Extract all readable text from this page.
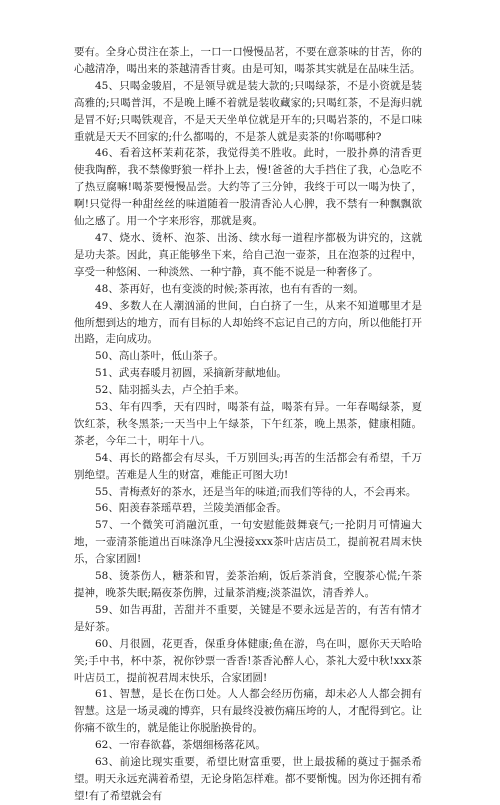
要有。全身心贯注在茶上，一口一口慢慢品茗，不要在意茶味的甘苦，你的心越清净，喝出来的茶越清香甘爽。由是可知，喝茶其实就是在品味生活。

45、只喝金骏眉，不是领导就是装大款的;只喝绿茶，不是小资就是装高雅的;只喝普洱，不是晚上睡不着就是装收藏家的;只喝红茶，不是海归就是冒不好;只喝铁观音，不是天天坐单位就是开车的;只喝岩茶的，不是口味重就是天天不回家的;什么都喝的，不是茶人就是卖茶的!你喝哪种?

46、看着这杯茉莉花茶，我觉得美不胜收。此时，一股扑鼻的清香更使我陶醉，我不禁像野狼一样扑上去，慢!爸爸的大手挡住了我，心急吃不了热豆腐嘛!喝茶要慢慢品尝。大约等了三分钟，我终于可以一喝为快了，啊!只觉得一种甜丝丝的味道随着一股清香沁人心脾，我不禁有一种飘飘欲仙之感了。用一个字来形容，那就是爽。

47、烧水、烫杯、泡茶、出汤、续水每一道程序都极为讲究的，这就是功夫茶。因此，真正能够坐下来，给自己泡一壶茶，且在泡茶的过程中，享受一种悠闲、一种淡然、一种宁静，真不能不说是一种奢侈了。

48、茶再好，也有变淡的时候;茶再浓，也有有香的一刻。

49、多数人在人潮汹涌的世间，白白挤了一生，从来不知道哪里才是他所想到达的地方，而有目标的人却始终不忘记自己的方向，所以他能打开出路，走向成功。

50、高山茶叶，低山茶子。

51、武夷春暖月初圆，采摘新芽献地仙。

52、陆羽摇头去，卢仝拍手来。

53、年有四季，天有四时，喝茶有益，喝茶有异。一年春喝绿茶，夏饮红茶，秋冬黑茶;一天当中上午绿茶，下午红茶，晚上黑茶，健康相随。茶老，今年二十，明年十八。

54、再长的路都会有尽头，千万别回头;再苦的生活都会有希望，千万别绝望。苦难是人生的财富，难能正可图大功!

55、青梅煮好的茶水，还是当年的味道;而我们等待的人，不会再来。

56、阳羡春茶瑶草碧，兰陵美酒郁金香。

57、一个微笑可消融沉重，一句安慰能鼓舞衰气;一抡阴月可情遍大地，一壶清茶能道出百味涤净凡尘漫接xxx茶叶店店员工，提前祝君周末快乐，合家团圆!

58、烫茶伤人，糖茶和胃，姜茶治痢，饭后茶消食，空腹茶心慌;午茶提神，晚茶失眠;隔夜茶伤脾，过量茶消瘦;淡茶温饮，清香养人。

59、如告再甜，苦甜并不重要，关键是不要永远是苦的，有苦有情才是好茶。

60、月很圆，花更香，保重身体健康;鱼在游，鸟在叫，愿你天天哈哈笑;手中书，杯中茶，祝你钞票一香香!茶香沁醉人心，茶礼大爱中秋!xxx茶叶店员工，提前祝君周末快乐，合家团圆!

61、智慧，是长在伤口处。人人都会经历伤痛，却未必人人都会拥有智慧。这是一场灵魂的博弈，只有最终没被伤痛压垮的人，才配得到它。让你痛不欲生的，就是能让你脱胎换骨的。

62、一帘春欲暮，茶烟细杨落花风。

63、前途比现实重要，希望比财富重要，世上最拔稀的奠过于掘杀希望。明天永远充满着希望，无论身陷怎样难。都不要惭愧。因为你还拥有希望!有了希望就会有
